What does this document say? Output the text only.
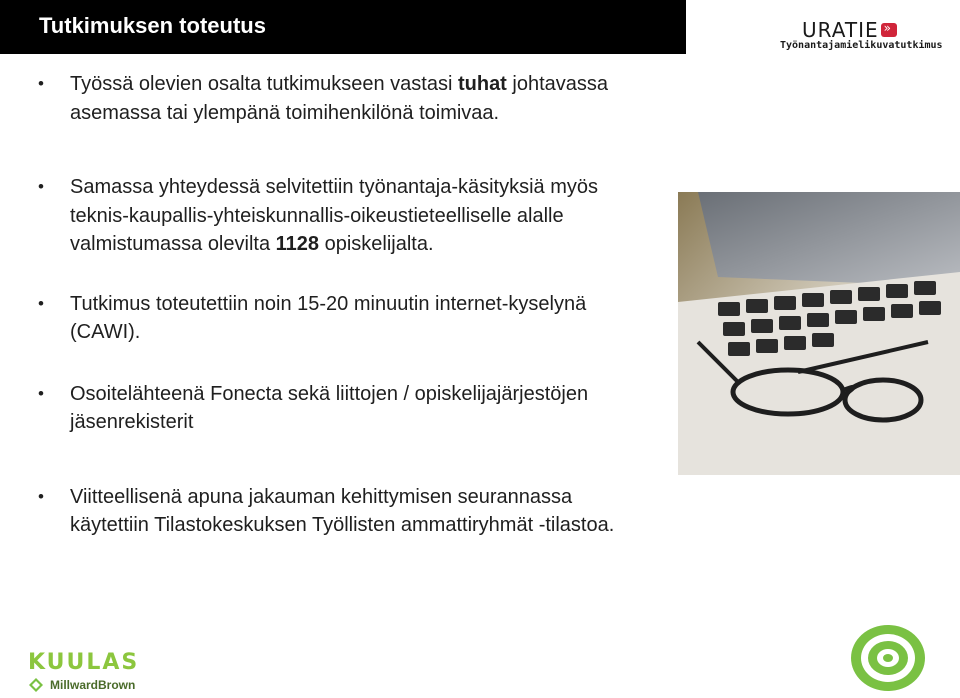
Tutkimuksen toteutus	URATIE»
Työnantajamielikuvatutkimus
• Työssä olevien osalta tutkimukseen vastasi tuhat johtavassa asemassa tai ylempänä toimihenkilönä toimivaa.
• Samassa yhteydessä selvitettiin työnantaja-käsityksiä myös teknis-kaupallis-yhteiskunnallis-oikeustieteelliselle alalle valmistumassa olevilta 1128 opiskelijalta.
• Tutkimus toteutettiin noin 15-20 minuutin internet-kyselynä (CAWI).
• Osoitelähteenä Fonecta sekä liittojen / opiskelijajärjestöjen jäsenrekisterit
• Viitteellisenä apuna jakauman kehittymisen seurannassa käytettiin Tilastokeskuksen Työllisten ammattiryhmät -tilastoa.
KUULAS
MillwardBrown
